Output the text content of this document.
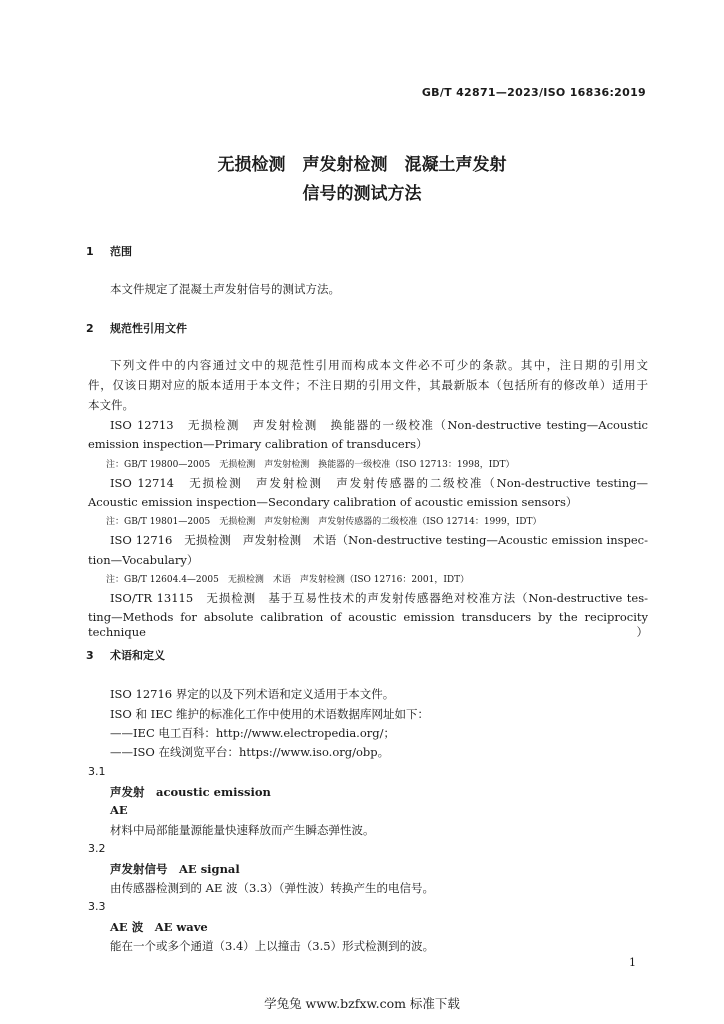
GB/T 42871—2023/ISO 16836:2019
无损检测　声发射检测　混凝土声发射
信号的测试方法
1 范围
本文件规定了混凝土声发射信号的测试方法。
2 规范性引用文件
下列文件中的内容通过文中的规范性引用而构成本文件必不可少的条款。其中，注日期的引用文
件，仅该日期对应的版本适用于本文件；不注日期的引用文件，其最新版本（包括所有的修改单）适用于
本文件。
ISO 12713　无损检测　声发射检测　换能器的一级校准（Non-destructive testing—Acoustic
emission inspection—Primary calibration of transducers）
注：GB/T 19800—2005　无损检测　声发射检测　换能器的一级校准（ISO 12713：1998，IDT）
ISO 12714　无损检测　声发射检测　声发射传感器的二级校准（Non-destructive testing—
Acoustic emission inspection—Secondary calibration of acoustic emission sensors）
注：GB/T 19801—2005　无损检测　声发射检测　声发射传感器的二级校准（ISO 12714：1999，IDT）
ISO 12716　无损检测　声发射检测　术语（Non-destructive testing—Acoustic emission inspec-
tion—Vocabulary）
注：GB/T 12604.4—2005　无损检测　术语　声发射检测（ISO 12716：2001，IDT）
ISO/TR 13115　无损检测　基于互易性技术的声发射传感器绝对校准方法（Non-destructive tes-
ting—Methods for absolute calibration of acoustic emission transducers by the reciprocity technique）
3 术语和定义
ISO 12716 界定的以及下列术语和定义适用于本文件。
ISO 和 IEC 维护的标准化工作中使用的术语数据库网址如下：
——IEC 电工百科：http://www.electropedia.org/；
——ISO 在线浏览平台：https://www.iso.org/obp。
3.1
声发射　acoustic emission
AE
材料中局部能量源能量快速释放而产生瞬态弹性波。
3.2
声发射信号　AE signal
由传感器检测到的 AE 波（3.3）（弹性波）转换产生的电信号。
3.3
AE 波　AE wave
能在一个或多个通道（3.4）上以撞击（3.5）形式检测到的波。
1
学兔兔 www.bzfxw.com 标准下载
